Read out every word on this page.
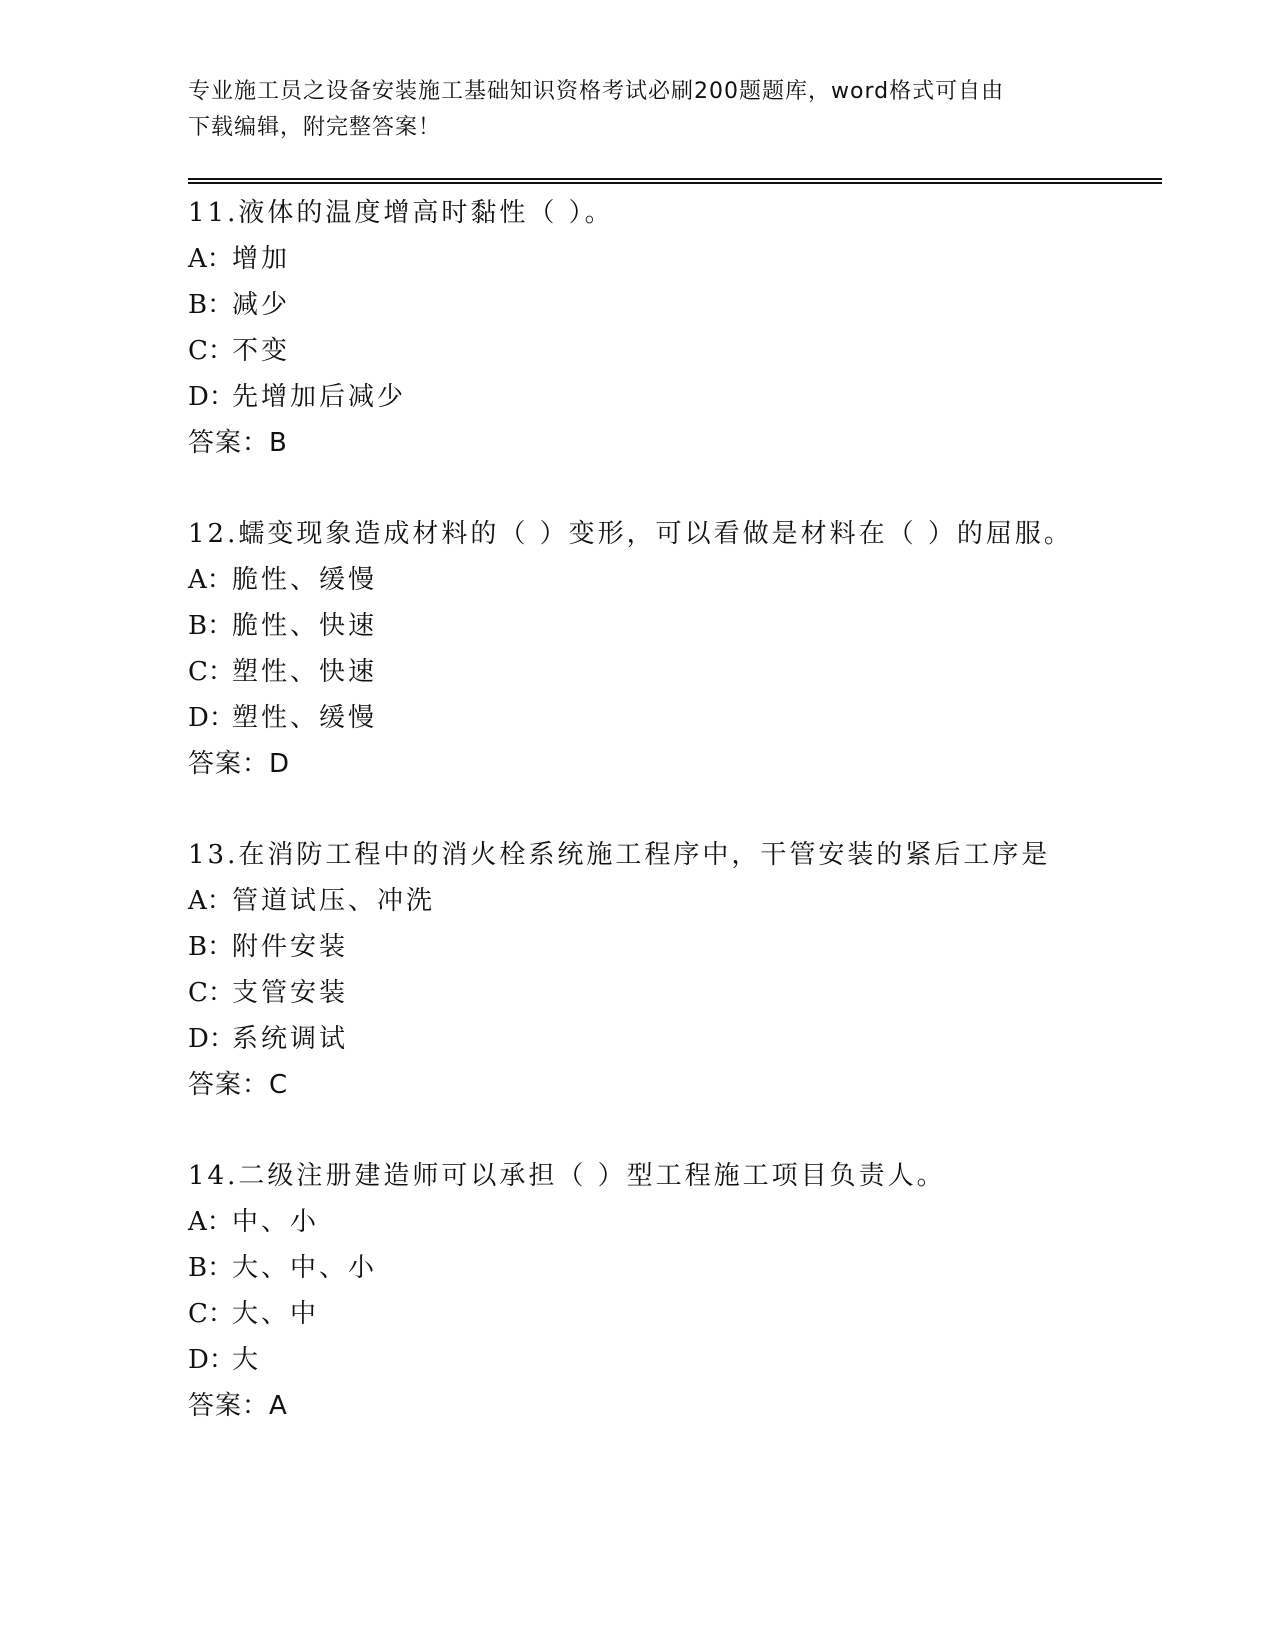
专业施工员之设备安装施工基础知识资格考试必刷200题题库，word格式可自由
下载编辑，附完整答案！
11.液体的温度增高时黏性（ ）。
A：增加
B：减少
C：不变
D：先增加后减少
答案：B
12.蠕变现象造成材料的（ ）变形，可以看做是材料在（ ）的屈服。
A：脆性、缓慢
B：脆性、快速
C：塑性、快速
D：塑性、缓慢
答案：D
13.在消防工程中的消火栓系统施工程序中，干管安装的紧后工序是
A：管道试压、冲洗
B：附件安装
C：支管安装
D：系统调试
答案：C
14.二级注册建造师可以承担（ ）型工程施工项目负责人。
A：中、小
B：大、中、小
C：大、中
D：大
答案：A
